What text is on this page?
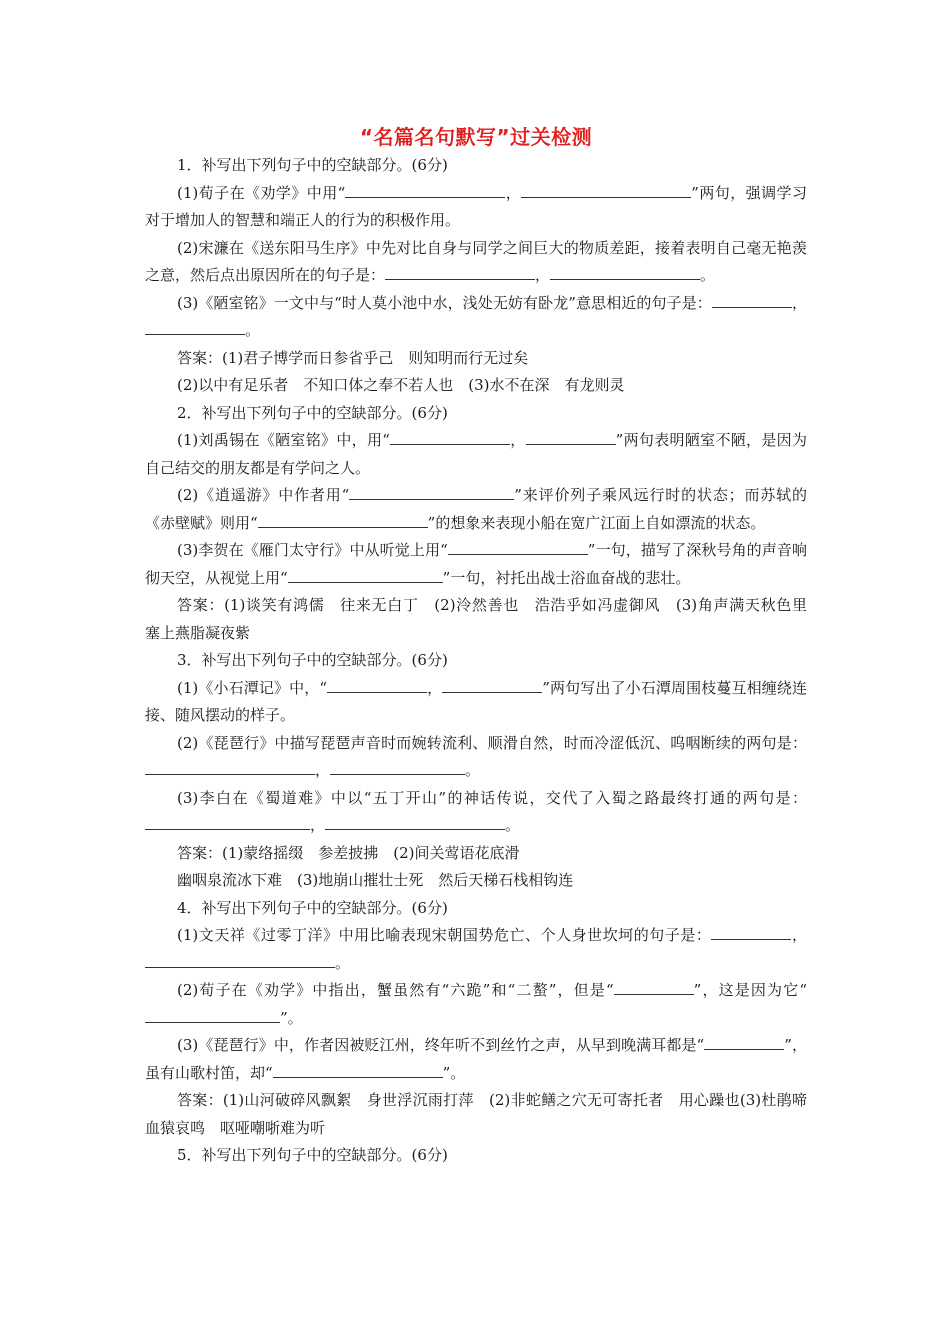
“名篇名句默写”过关检测

1．补写出下列句子中的空缺部分。(6分)

(1)荀子在《劝学》中用“	，	”两句，强调学习对于增加人的智慧和端正人的行为的积极作用。

(2)宋濂在《送东阳马生序》中先对比自身与同学之间巨大的物质差距，接着表明自己毫无艳羡之意，然后点出原因所在的句子是：	，	。

(3)《陋室铭》一文中与“时人莫小池中水，浅处无妨有卧龙”意思相近的句子是：	，。

答案：(1)君子博学而日参省乎己　则知明而行无过矣

(2)以中有足乐者　不知口体之奉不若人也　(3)水不在深　有龙则灵

2．补写出下列句子中的空缺部分。(6分)

(1)刘禹锡在《陋室铭》中，用“	，	”两句表明陋室不陋，是因为自己结交的朋友都是有学问之人。

(2)《逍遥游》中作者用“	”来评价列子乘风远行时的状态；而苏轼的《赤壁赋》则用“	”的想象来表现小船在宽广江面上自如漂流的状态。

(3)李贺在《雁门太守行》中从听觉上用“	”一句，描写了深秋号角的声音响彻天空，从视觉上用“	”一句，衬托出战士浴血奋战的悲壮。

答案：(1)谈笑有鸿儒　往来无白丁　(2)泠然善也　浩浩乎如冯虚御风　(3)角声满天秋色里　塞上燕脂凝夜紫

3．补写出下列句子中的空缺部分。(6分)

(1)《小石潭记》中，“	，	”两句写出了小石潭周围枝蔓互相缠绕连接、随风摆动的样子。

(2)《琵琶行》中描写琵琶声音时而婉转流利、顺滑自然，时而冷涩低沉、呜咽断续的两句是：，	。

(3)李白在《蜀道难》中以“五丁开山”的神话传说，交代了入蜀之路最终打通的两句是：，	。

答案：(1)蒙络摇缀　参差披拂　(2)间关莺语花底滑

幽咽泉流冰下难　(3)地崩山摧壮士死　然后天梯石栈相钩连

4．补写出下列句子中的空缺部分。(6分)

(1)文天祥《过零丁洋》中用比喻表现宋朝国势危亡、个人身世坎坷的句子是：	，。

(2)荀子在《劝学》中指出，蟹虽然有“六跪”和“二螯”，但是“	”，这是因为它“”。

(3)《琵琶行》中，作者因被贬江州，终年听不到丝竹之声，从早到晚满耳都是“	”，虽有山歌村笛，却“	”。

答案：(1)山河破碎风飘絮　身世浮沉雨打萍　(2)非蛇鳝之穴无可寄托者　用心躁也(3)杜鹃啼血猿哀鸣　呕哑嘲哳难为听

5．补写出下列句子中的空缺部分。(6分)
